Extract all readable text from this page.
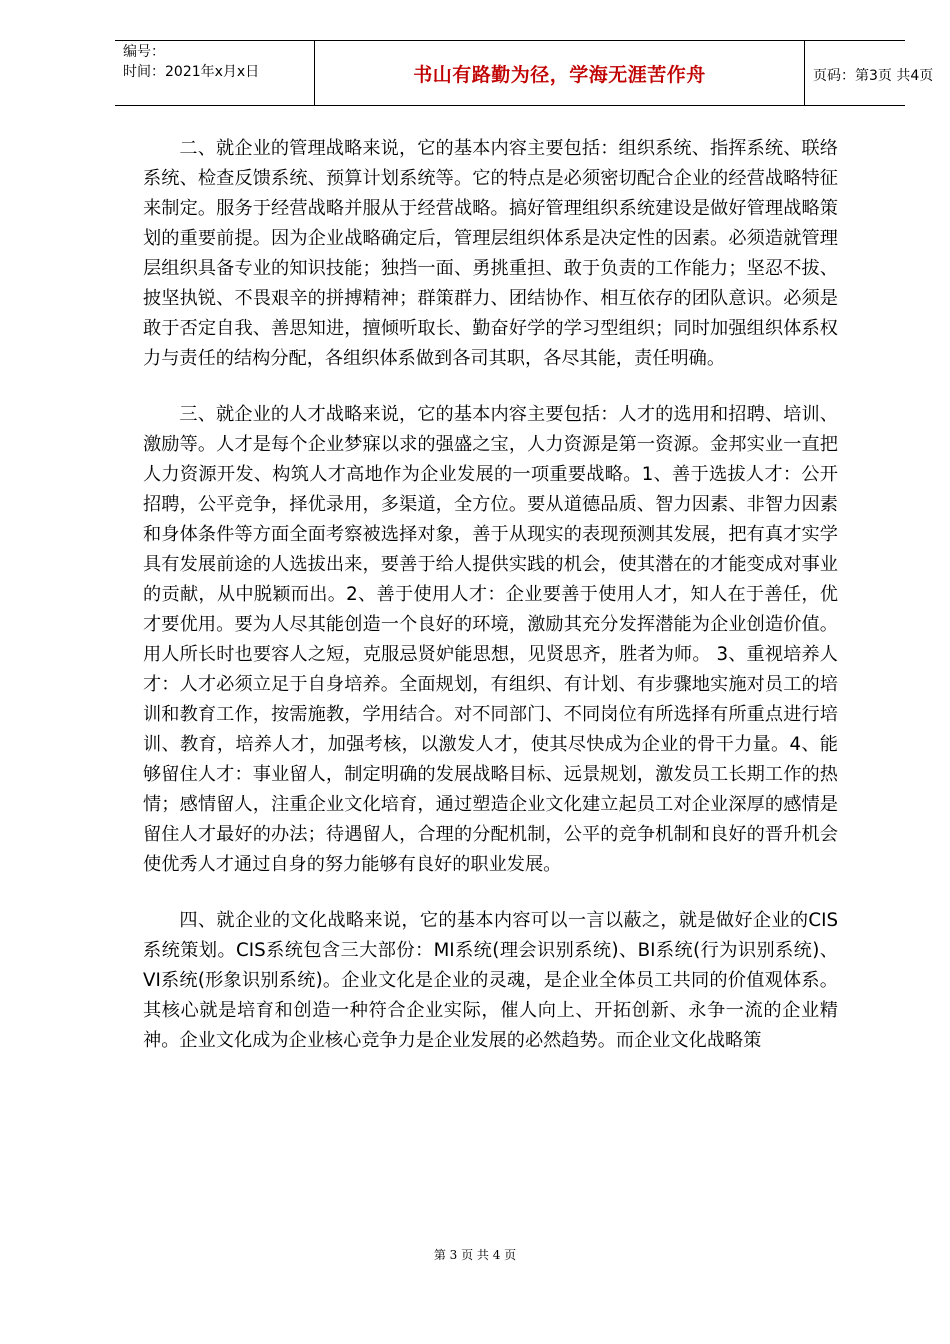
编号：
时间：2021年x月x日	书山有路勤为径，学海无涯苦作舟	页码：第3页 共4页

二、就企业的管理战略来说，它的基本内容主要包括：组织系统、指挥系统、联络系统、检查反馈系统、预算计划系统等。它的特点是必须密切配合企业的经营战略特征来制定。服务于经营战略并服从于经营战略。搞好管理组织系统建设是做好管理战略策划的重要前提。因为企业战略确定后，管理层组织体系是决定性的因素。必须造就管理层组织具备专业的知识技能；独挡一面、勇挑重担、敢于负责的工作能力；坚忍不拔、披坚执锐、不畏艰辛的拼搏精神；群策群力、团结协作、相互依存的团队意识。必须是敢于否定自我、善思知进，擅倾听取长、勤奋好学的学习型组织；同时加强组织体系权力与责任的结构分配，各组织体系做到各司其职，各尽其能，责任明确。

三、就企业的人才战略来说，它的基本内容主要包括：人才的选用和招聘、培训、激励等。人才是每个企业梦寐以求的强盛之宝，人力资源是第一资源。金邦实业一直把人力资源开发、构筑人才高地作为企业发展的一项重要战略。1、善于选拔人才：公开招聘，公平竞争，择优录用，多渠道，全方位。要从道德品质、智力因素、非智力因素和身体条件等方面全面考察被选择对象，善于从现实的表现预测其发展，把有真才实学具有发展前途的人选拔出来，要善于给人提供实践的机会，使其潜在的才能变成对事业的贡献，从中脱颖而出。2、善于使用人才：企业要善于使用人才，知人在于善任，优才要优用。要为人尽其能创造一个良好的环境，激励其充分发挥潜能为企业创造价值。用人所长时也要容人之短，克服忌贤妒能思想，见贤思齐，胜者为师。 3、重视培养人才：人才必须立足于自身培养。全面规划，有组织、有计划、有步骤地实施对员工的培训和教育工作，按需施教，学用结合。对不同部门、不同岗位有所选择有所重点进行培训、教育，培养人才，加强考核，以激发人才，使其尽快成为企业的骨干力量。4、能够留住人才：事业留人，制定明确的发展战略目标、远景规划，激发员工长期工作的热情；感情留人，注重企业文化培育，通过塑造企业文化建立起员工对企业深厚的感情是留住人才最好的办法；待遇留人，合理的分配机制，公平的竞争机制和良好的晋升机会使优秀人才通过自身的努力能够有良好的职业发展。

四、就企业的文化战略来说，它的基本内容可以一言以蔽之，就是做好企业的CIS系统策划。CIS系统包含三大部份：MI系统(理会识别系统)、BI系统(行为识别系统)、VI系统(形象识别系统)。企业文化是企业的灵魂，是企业全体员工共同的价值观体系。其核心就是培育和创造一种符合企业实际，催人向上、开拓创新、永争一流的企业精神。企业文化成为企业核心竞争力是企业发展的必然趋势。而企业文化战略策

第 3 页 共 4 页
